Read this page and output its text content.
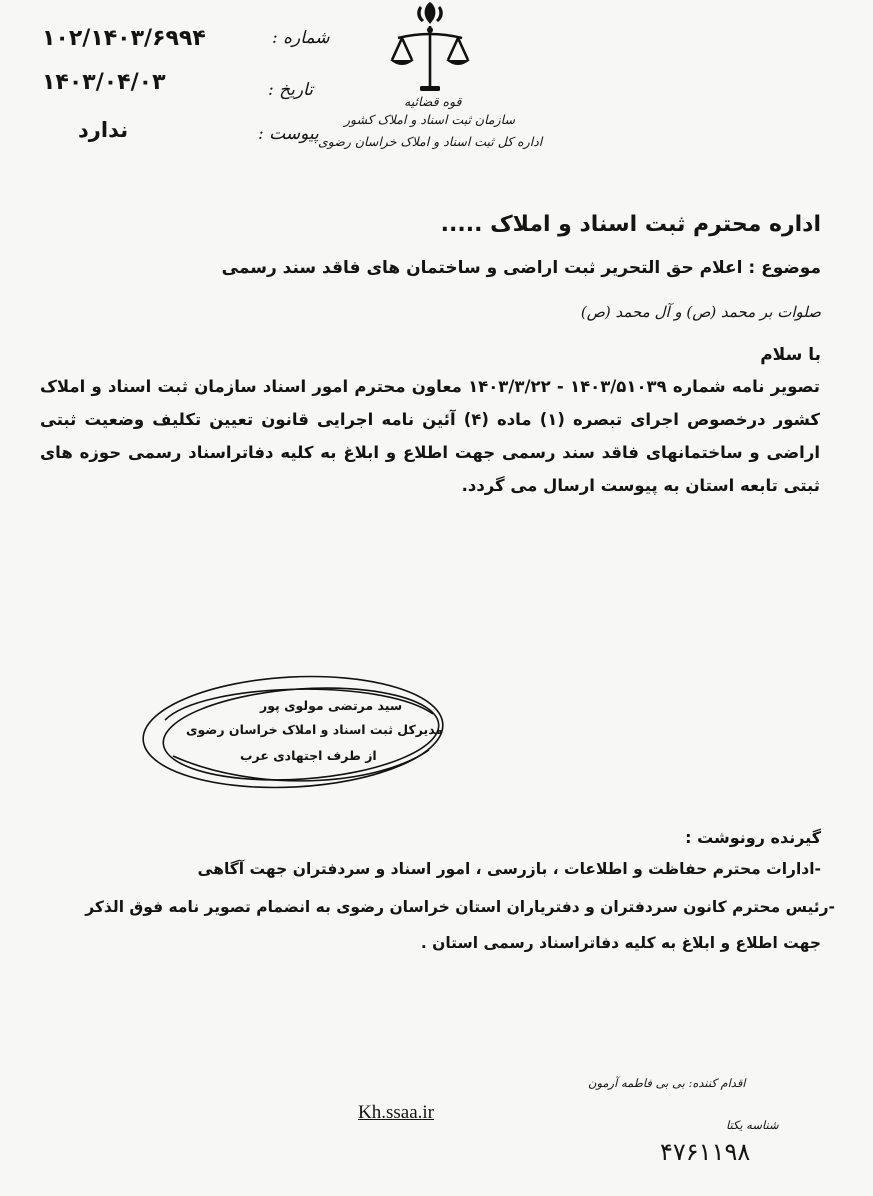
۱۰۲/۱۴۰۳/۶۹۹۴	شماره :
۱۴۰۳/۰۴/۰۳	تاریخ :
ندارد	پیوست :
قوه قضائیه
سازمان ثبت اسناد و املاک کشور
اداره کل ثبت اسناد و املاک خراسان رضوی
اداره محترم ثبت اسناد و املاک .....
موضوع : اعلام حق التحریر ثبت اراضی و ساختمان های فاقد سند رسمی
صلوات بر محمد (ص) و آل محمد (ص)
با سلام
تصویر نامه شماره ۱۴۰۳/۵۱۰۳۹ - ۱۴۰۳/۳/۲۲ معاون محترم امور اسناد سازمان ثبت اسناد و املاک کشور درخصوص اجرای تبصره (۱) ماده (۴) آئین نامه اجرایی قانون تعیین تکلیف وضعیت ثبتی اراضی و ساختمانهای فاقد سند رسمی جهت اطلاع و ابلاغ به کلیه دفاتراسناد رسمی حوزه های ثبتی تابعه استان به پیوست ارسال می گردد.
سید مرتضی مولوی پور
مدیرکل ثبت اسناد و املاک خراسان رضوی
از طرف اجتهادی عرب
گیرنده رونوشت :
-ادارات محترم حفاظت و اطلاعات ، بازرسی ، امور اسناد و سردفتران جهت آگاهی
-رئیس محترم کانون سردفتران و دفتریاران استان خراسان رضوی به انضمام تصویر نامه فوق الذکر
جهت اطلاع و ابلاغ به کلیه دفاتراسناد رسمی استان .
اقدام کننده: بی بی فاطمه آرمون
Kh.ssaa.ir
شناسه یکتا
۴۷۶۱۱۹۸
